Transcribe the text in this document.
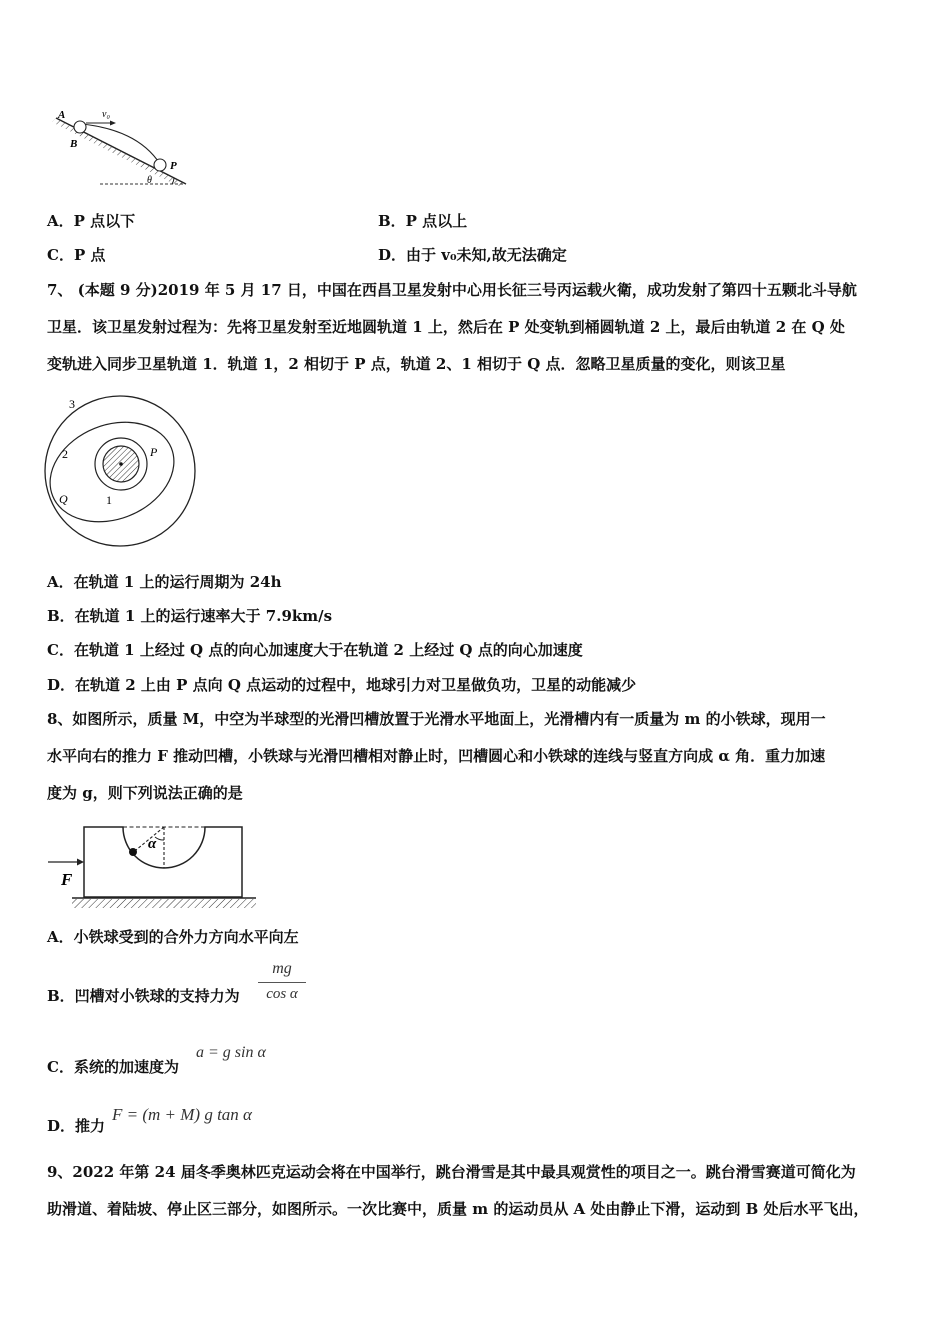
A
B
v₀
P
θ
A．P 点以下	B．P 点以上
C．P 点	D．由于 v₀未知,故无法确定
7、 (本题 9 分)2019 年 5 月 17 日，中国在西昌卫星发射中心用长征三号丙运载火衛，成功发射了第四十五颗北斗导航
卫星．该卫星发射过程为：先将卫星发射至近地圆轨道 1 上，然后在 P 处变轨到桶圆轨道 2 上，最后由轨道 2 在 Q 处
变轨进入同步卫星轨道 1．轨道 1，2 相切于 P 点，轨道 2、1 相切于 Q 点．忽略卫星质量的变化，则该卫星
3
2
1
P
Q
A．在轨道 1 上的运行周期为 24h
B．在轨道 1 上的运行速率大于 7.9km/s
C．在轨道 1 上经过 Q 点的向心加速度大于在轨道 2 上经过 Q 点的向心加速度
D．在轨道 2 上由 P 点向 Q 点运动的过程中，地球引力对卫星做负功，卫星的动能减少
8、如图所示，质量 M，中空为半球型的光滑凹槽放置于光滑水平地面上，光滑槽内有一质量为 m 的小铁球，现用一
水平向右的推力 F 推动凹槽，小铁球与光滑凹槽相对静止时，凹槽圆心和小铁球的连线与竖直方向成 α 角．重力加速
度为 g，则下列说法正确的是
α
F
A．小铁球受到的合外力方向水平向左
B．凹槽对小铁球的支持力为 $\frac{mg}{\text{cos α}}$
C．系统的加速度为
a = g sin α
D．推力
F = (m + M) g tan α
9、2022 年第 24 届冬季奥林匹克运动会将在中国举行，跳台滑雪是其中最具观赏性的项目之一。跳台滑雪赛道可简化为
助滑道、着陆坡、停止区三部分，如图所示。一次比赛中，质量 m 的运动员从 A 处由静止下滑，运动到 B 处后水平飞出，
